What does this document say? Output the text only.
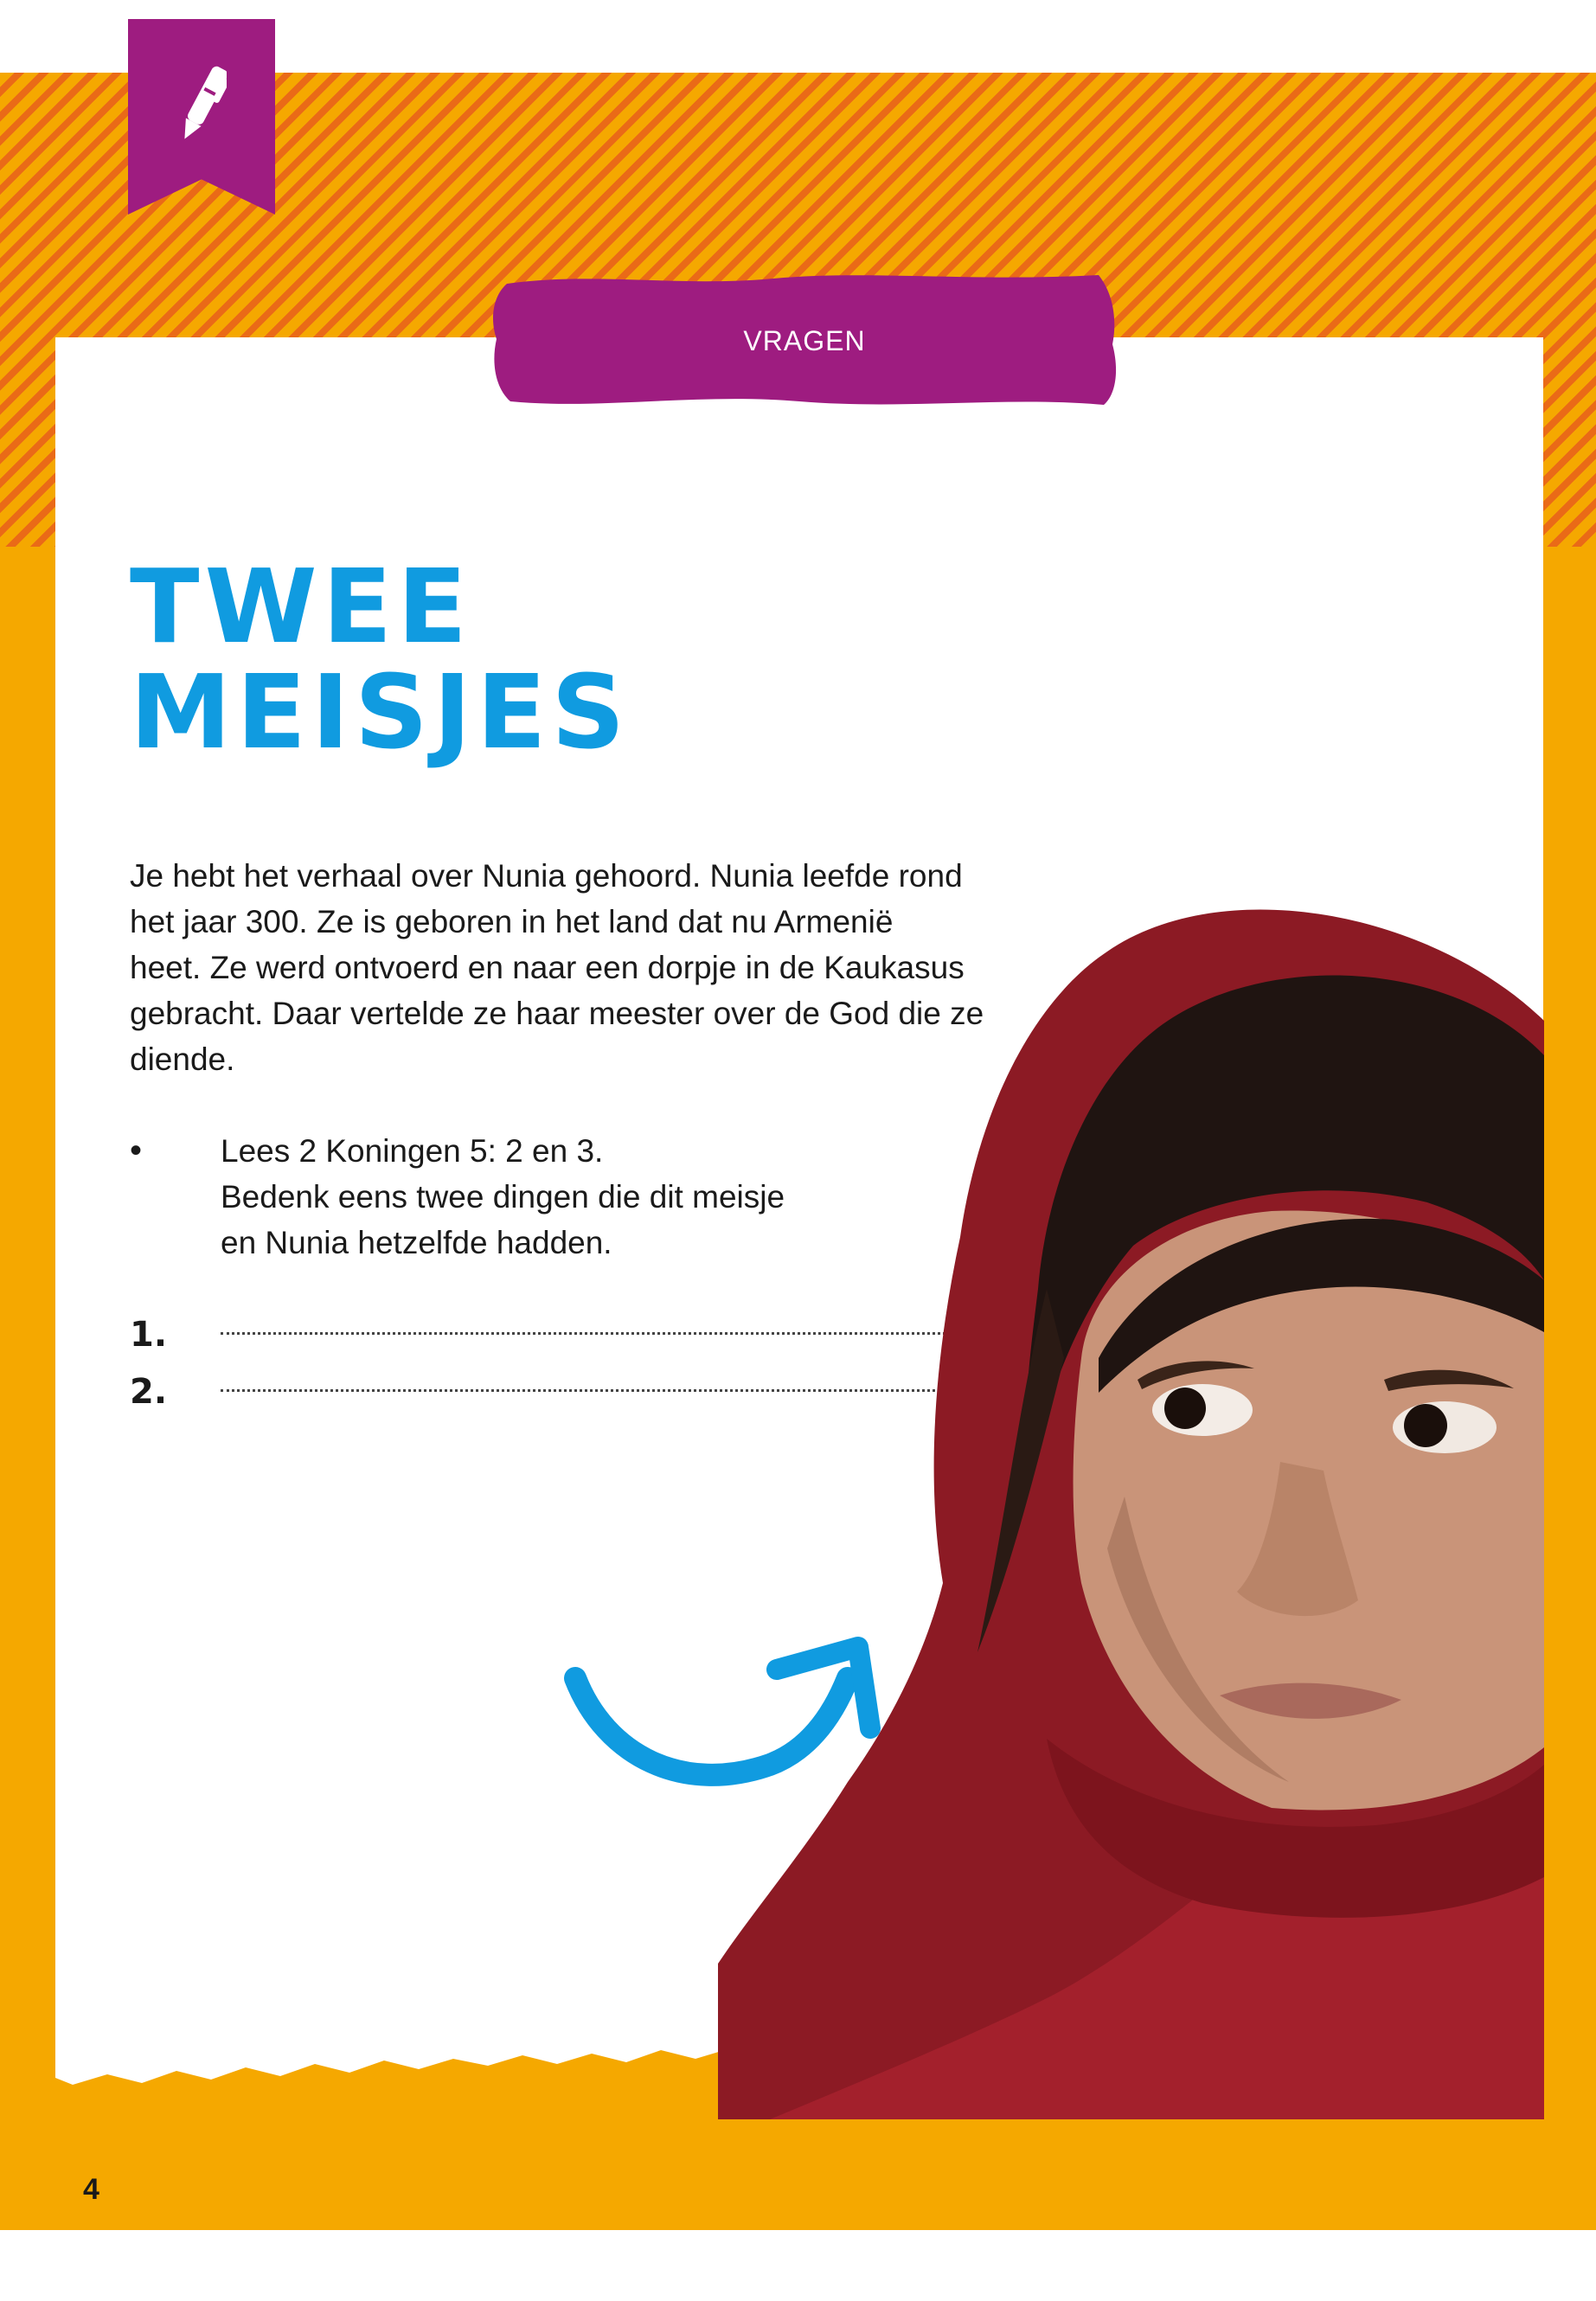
VRAGEN
TWEE
MEISJES

Je hebt het verhaal over Nunia gehoord. Nunia leefde rond
het jaar 300. Ze is geboren in het land dat nu Armenië
heet. Ze werd ontvoerd en naar een dorpje in de Kaukasus
gebracht. Daar vertelde ze haar meester over de God die ze
diende.

• Lees 2 Koningen 5: 2 en 3.
Bedenk eens twee dingen die dit meisje
en Nunia hetzelfde hadden.

1.
2.
4
